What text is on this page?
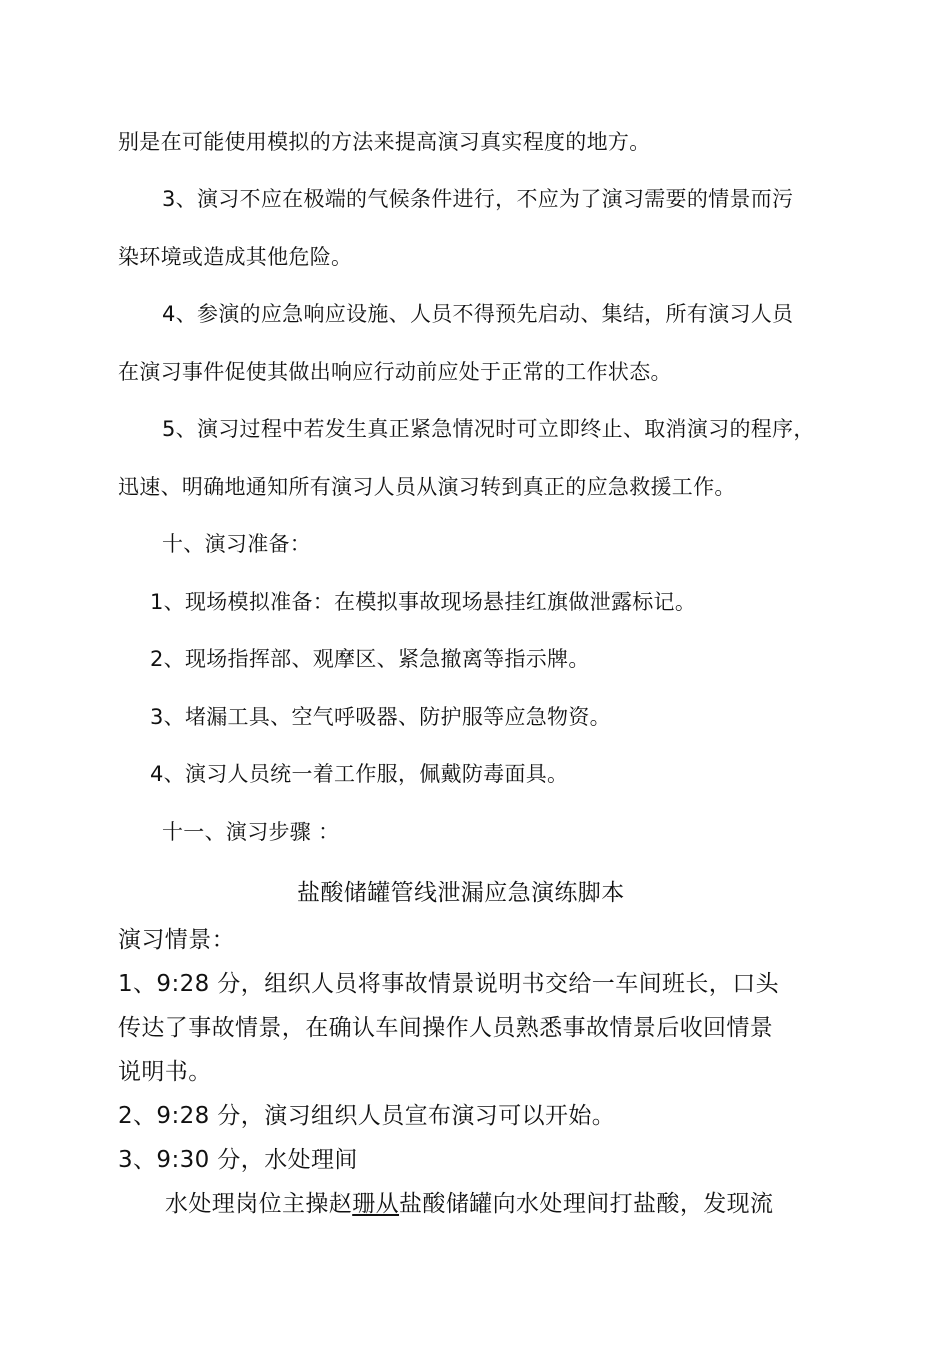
别是在可能使用模拟的方法来提高演习真实程度的地方。
3、演习不应在极端的气候条件进行，不应为了演习需要的情景而污
染环境或造成其他危险。
4、参演的应急响应设施、人员不得预先启动、集结，所有演习人员
在演习事件促使其做出响应行动前应处于正常的工作状态。
5、演习过程中若发生真正紧急情况时可立即终止、取消演习的程序，
迅速、明确地通知所有演习人员从演习转到真正的应急救援工作。
十、演习准备：
1、现场模拟准备：在模拟事故现场悬挂红旗做泄露标记。
2、现场指挥部、观摩区、紧急撤离等指示牌。
3、堵漏工具、空气呼吸器、防护服等应急物资。
4、演习人员统一着工作服，佩戴防毒面具。
十一、演习步骤 ：
盐酸储罐管线泄漏应急演练脚本
演习情景：
1、9:28 分，组织人员将事故情景说明书交给一车间班长，口头
传达了事故情景，在确认车间操作人员熟悉事故情景后收回情景
说明书。
2、9:28 分，演习组织人员宣布演习可以开始。
3、9:30 分，水处理间
水处理岗位主操赵珊从盐酸储罐向水处理间打盐酸，发现流
